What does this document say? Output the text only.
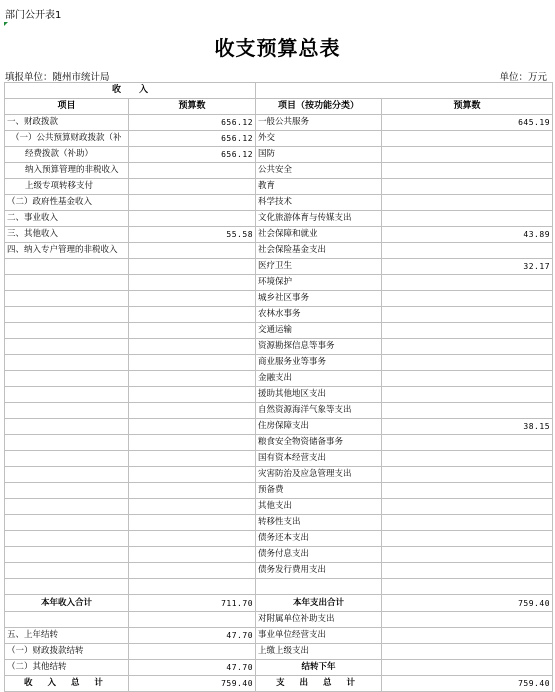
部门公开表1
收支预算总表
填报单位：随州市统计局	单位：万元
收　　入			
项目	预算数	项目（按功能分类）	预算数
一、财政拨款	656.12	一般公共服务	645.19
（一）公共预算财政拨款（补	656.12	外交	
经费拨款（补助）	656.12	国防	
纳入预算管理的非税收入		公共安全	
上级专项转移支付		教育	
（二）政府性基金收入		科学技术	
二、事业收入		文化旅游体育与传媒支出	
三、其他收入	55.58	社会保障和就业	43.89
四、纳入专户管理的非税收入		社会保险基金支出	
		医疗卫生	32.17
		环境保护	
		城乡社区事务	
		农林水事务	
		交通运输	
		资源勘探信息等事务	
		商业服务业等事务	
		金融支出	
		援助其他地区支出	
		自然资源海洋气象等支出	
		住房保障支出	38.15
		粮食安全物资储备事务	
		国有资本经营支出	
		灾害防治及应急管理支出	
		预备费	
		其他支出	
		转移性支出	
		债务还本支出	
		债务付息支出	
		债务发行费用支出	

本年收入合计	711.70	本年支出合计	759.40
		对附属单位补助支出	
五、上年结转	47.70	事业单位经营支出	
（一）财政拨款结转		上缴上级支出	
（二）其他结转	47.70	结转下年	
收 入 总 计	759.40	支 出 总 计	759.40
